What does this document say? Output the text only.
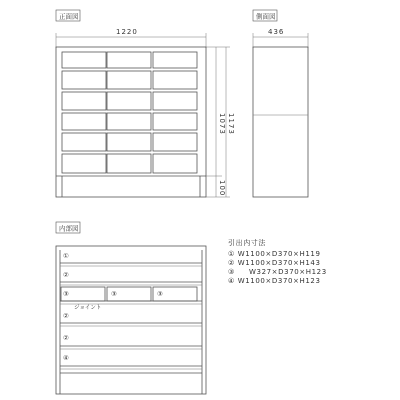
正面図
1220
1073 1173
100
側面図
436
内部図
①
②
③	③	③
ジョイント
②
②
④
引出内寸法
① W1100×D370×H119
② W1100×D370×H143
③     W327×D370×H123
④ W1100×D370×H123
